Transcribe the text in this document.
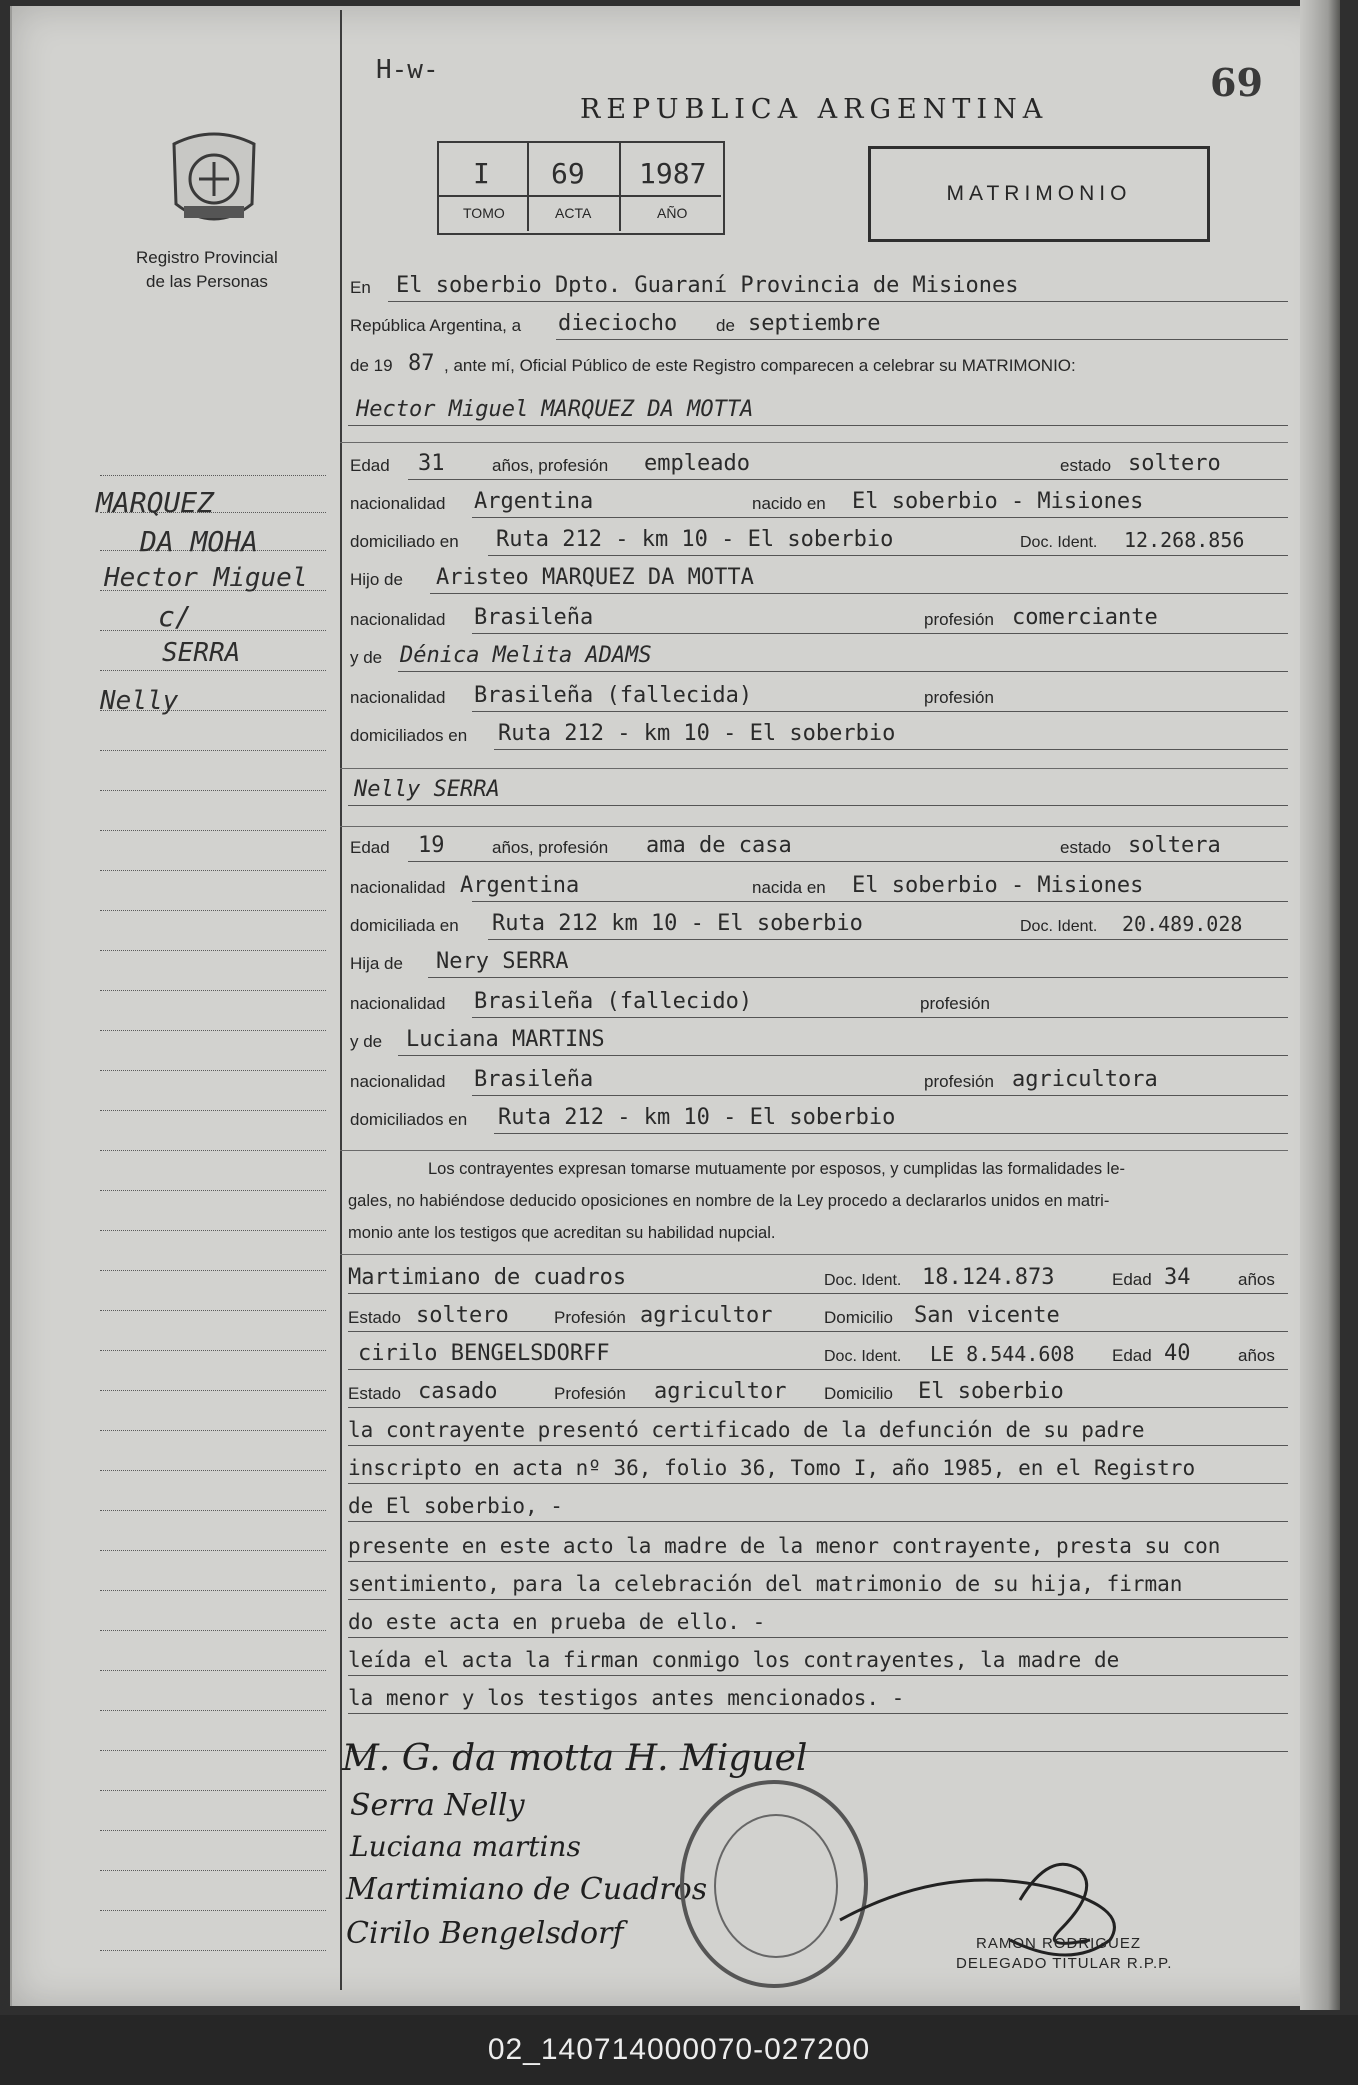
H-w-	69
REPUBLICA ARGENTINA
Registro Provincial
de las Personas
I 69 1987
TOMO	ACTA	AÑO
MATRIMONIO
MARQUEZ
DA MOHA
Hector Miguel
c/
SERRA
Nelly
En El soberbio Dpto. Guaraní Provincia de Misiones
República Argentina, a dieciocho de septiembre
de 19 87 , ante mí, Oficial Público de este Registro comparecen a celebrar su MATRIMONIO:
Hector Miguel MARQUEZ DA MOTTA
Edad 31	años, profesión empleado	estado soltero
nacionalidad Argentina	nacido en El soberbio - Misiones
domiciliado en Ruta 212 - km 10 - El soberbio	Doc. Ident. 12.268.856
Hijo de Aristeo MARQUEZ DA MOTTA
nacionalidad Brasileña	profesión comerciante
y de Dénica Melita ADAMS
nacionalidad Brasileña (fallecida)	profesión
domiciliados en Ruta 212 - km 10 - El soberbio
Nelly SERRA
Edad 19	años, profesión ama de casa	estado soltera
nacionalidad Argentina	nacida en El soberbio - Misiones
domiciliada en Ruta 212 km 10 - El soberbio	Doc. Ident. 20.489.028
Hija de Nery SERRA
nacionalidad Brasileña (fallecido)	profesión
y de Luciana MARTINS
nacionalidad Brasileña	profesión agricultora
domiciliados en Ruta 212 - km 10 - El soberbio
Los contrayentes expresan tomarse mutuamente por esposos, y cumplidas las formalidades le-
gales, no habiéndose deducido oposiciones en nombre de la Ley procedo a declararlos unidos en matri-
monio ante los testigos que acreditan su habilidad nupcial.
Martimiano de cuadros	Doc. Ident. 18.124.873	Edad 34	años
Estado soltero	Profesión agricultor	Domicilio San vicente
cirilo BENGELSDORFF	Doc. Ident. LE 8.544.608 Edad 40	años
Estado casado	Profesión agricultor Domicilio El soberbio
la contrayente presentó certificado de la defunción de su padre
inscripto en acta nº 36, folio 36, Tomo I, año 1985, en el Registro
de El soberbio, -
presente en este acto la madre de la menor contrayente, presta su con
sentimiento, para la celebración del matrimonio de su hija, firman
do este acta en prueba de ello. -
leída el acta la firman conmigo los contrayentes, la madre de
la menor y los testigos antes mencionados. -
M. G. da motta H. Miguel
Serra Nelly
Luciana martins
Martimiano de Cuadros
Cirilo Bengelsdorf	RAMON RODRIGUEZ
DELEGADO TITULAR R.P.P.
02_140714000070-027200
